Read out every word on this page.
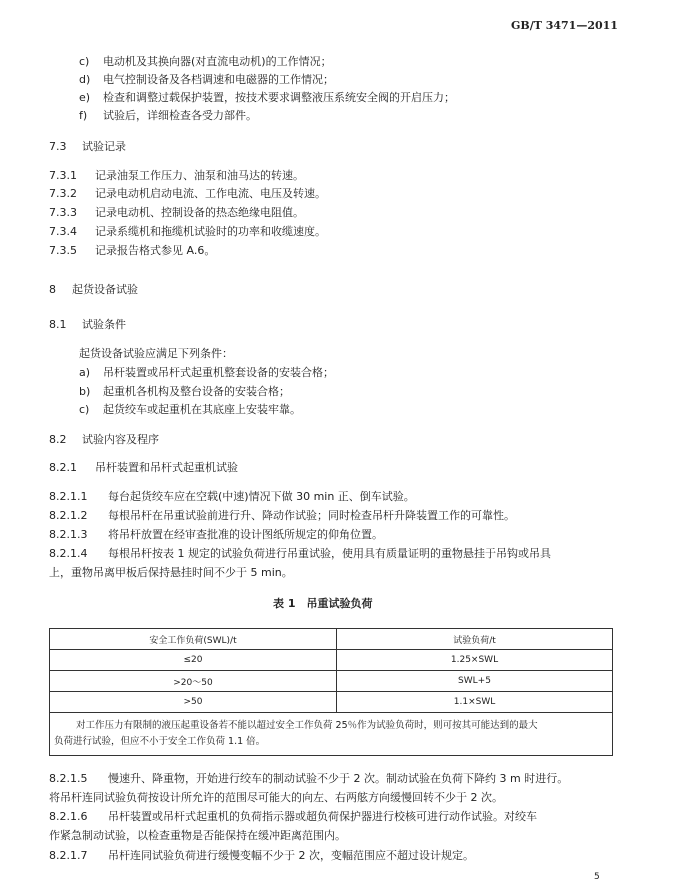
GB/T 3471—2011
c) 电动机及其换向器(对直流电动机)的工作情况；
d) 电气控制设备及各档调速和电磁器的工作情况；
e) 检查和调整过载保护装置，按技术要求调整液压系统安全阀的开启压力；
f) 试验后，详细检查各受力部件。
7.3 试验记录
7.3.1 记录油泵工作压力、油泵和油马达的转速。
7.3.2 记录电动机启动电流、工作电流、电压及转速。
7.3.3 记录电动机、控制设备的热态绝缘电阻值。
7.3.4 记录系缆机和拖缆机试验时的功率和收缆速度。
7.3.5 记录报告格式参见 A.6。
8 起货设备试验
8.1 试验条件
起货设备试验应满足下列条件：
a) 吊杆装置或吊杆式起重机整套设备的安装合格；
b) 起重机各机构及整台设备的安装合格；
c) 起货绞车或起重机在其底座上安装牢靠。
8.2 试验内容及程序
8.2.1 吊杆装置和吊杆式起重机试验
8.2.1.1 每台起货绞车应在空载(中速)情况下做 30 min 正、倒车试验。
8.2.1.2 每根吊杆在吊重试验前进行升、降动作试验；同时检查吊杆升降装置工作的可靠性。
8.2.1.3 将吊杆放置在经审查批准的设计图纸所规定的仰角位置。
8.2.1.4 每根吊杆按表 1 规定的试验负荷进行吊重试验，使用具有质量证明的重物悬挂于吊钩或吊具
上，重物吊离甲板后保持悬挂时间不少于 5 min。
表 1　吊重试验负荷
安全工作负荷(SWL)/t	试验负荷/t
≤20	1.25×SWL
>20～50	SWL+5
>50	1.1×SWL

对工作压力有限制的液压起重设备若不能以超过安全工作负荷 25％作为试验负荷时，则可按其可能达到的最大
负荷进行试验，但应不小于安全工作负荷 1.1 倍。	
8.2.1.5 慢速升、降重物，开始进行绞车的制动试验不少于 2 次。制动试验在负荷下降约 3 m 时进行。
将吊杆连同试验负荷按设计所允许的范围尽可能大的向左、右两舷方向缓慢回转不少于 2 次。
8.2.1.6 吊杆装置或吊杆式起重机的负荷指示器或超负荷保护器进行校核可进行动作试验。对绞车
作紧急制动试验，以检查重物是否能保持在缓冲距离范围内。
8.2.1.7 吊杆连同试验负荷进行缓慢变幅不少于 2 次，变幅范围应不超过设计规定。
5
